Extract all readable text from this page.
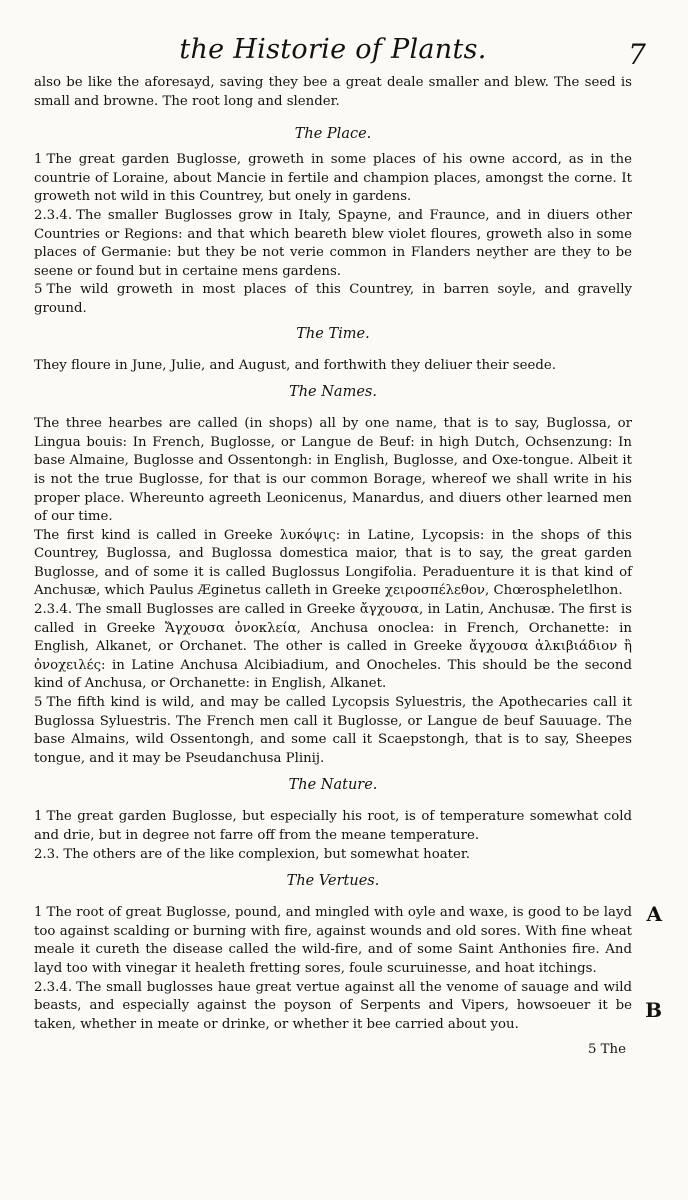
the Historie of Plants.	7

also be like the aforesayd, saving they bee a great deale smaller and blew. The seed is small and browne. The root long and slender.

The Place.

1 The great garden Buglosse, groweth in some places of his owne accord, as in the countrie of Loraine, about Mancie in fertile and champion places, amongst the corne. It groweth not wild in this Countrey, but onely in gardens.

2.3.4. The smaller Buglosses grow in Italy, Spayne, and Fraunce, and in diuers other Countries or Regions: and that which beareth blew violet floures, groweth also in some places of Germanie: but they be not verie common in Flanders neyther are they to be seene or found but in certaine mens gardens.

5 The wild groweth in most places of this Countrey, in barren soyle, and gravelly ground.

The Time.

They floure in June, Julie, and August, and forthwith they deliuer their seede.

The Names.

The three hearbes are called (in shops) all by one name, that is to say, Buglossa, or Lingua bouis: In French, Buglosse, or Langue de Beuf: in high Dutch, Ochsenzung: In base Almaine, Buglosse and Ossentongh: in English, Buglosse, and Oxe-tongue. Albeit it is not the true Buglosse, for that is our common Borage, whereof we shall write in his proper place. Whereunto agreeth Leonicenus, Manardus, and diuers other learned men of our time.

The first kind is called in Greeke λυκόψις: in Latine, Lycopsis: in the shops of this Countrey, Buglossa, and Buglossa domestica maior, that is to say, the great garden Buglosse, and of some it is called Buglossus Longifolia. Peraduenture it is that kind of Anchusæ, which Paulus Æginetus calleth in Greeke χειροσπέλεθον, Chœrospheletlhon.

2.3.4. The small Buglosses are called in Greeke ἄγχουσα, in Latin, Anchusæ. The first is called in Greeke Ἄγχουσα ὀνοκλεία, Anchusa onoclea: in French, Orchanette: in English, Alkanet, or Orchanet. The other is called in Greeke ἄγχουσα ἀλκιβιάδιον ἢ ὀνοχειλές: in Latine Anchusa Alcibiadium, and Onocheles. This should be the second kind of Anchusa, or Orchanette: in English, Alkanet.

5 The fifth kind is wild, and may be called Lycopsis Syluestris, the Apothecaries call it Buglossa Syluestris. The French men call it Buglosse, or Langue de beuf Sauuage. The base Almains, wild Ossentongh, and some call it Scaepstongh, that is to say, Sheepes tongue, and it may be Pseudanchusa Plinij.

The Nature.

1 The great garden Buglosse, but especially his root, is of temperature somewhat cold and drie, but in degree not farre off from the meane temperature.

2.3. The others are of the like complexion, but somewhat hoater.

The Vertues.
A
B

1 The root of great Buglosse, pound, and mingled with oyle and waxe, is good to be layd too against scalding or burning with fire, against wounds and old sores. With fine wheat meale it cureth the disease called the wild-fire, and of some Saint Anthonies fire. And layd too with vinegar it healeth fretting sores, foule scuruinesse, and hoat itchings.

2.3.4. The small buglosses haue great vertue against all the venome of sauage and wild beasts, and especially against the poyson of Serpents and Vipers, howsoeuer it be taken, whether in meate or drinke, or whether it bee carried about you.

5 The
